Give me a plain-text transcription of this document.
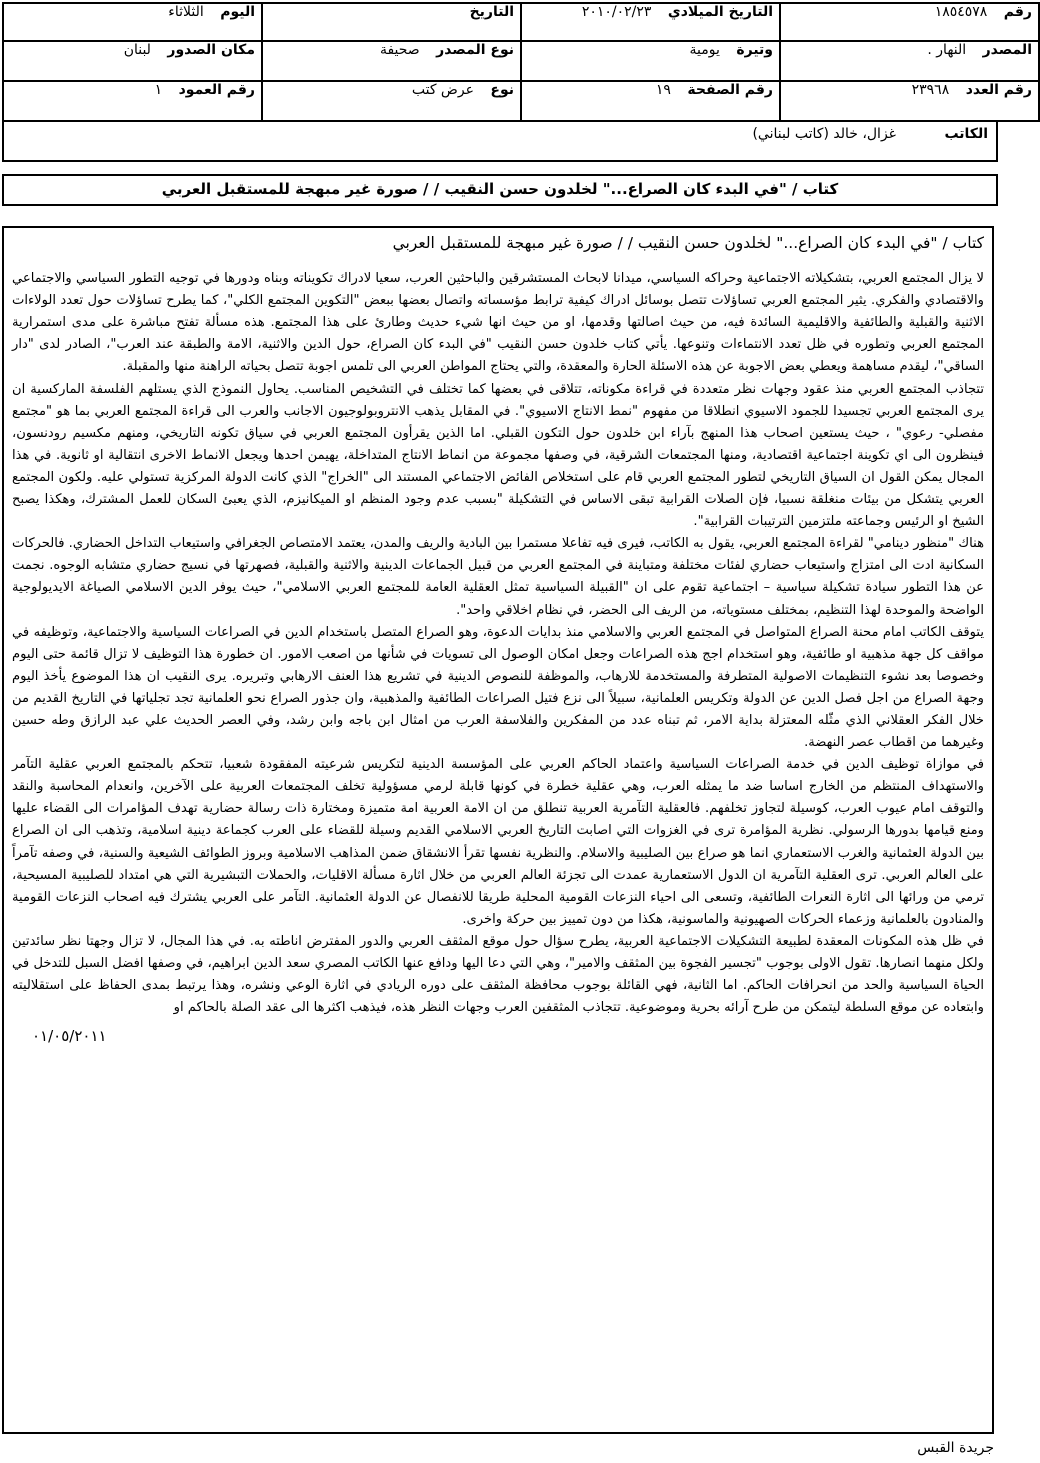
رقم ١٨٥٤٥٧٨	التاريخ الميلادي ٢٠١٠/٠٢/٢٣	التاريخ	اليوم الثلاثاء
المصدر النهار .	وتيرة يومية	نوع المصدر صحيفة	مكان الصدور لبنان
رقم العدد ٢٣٩٦٨	رقم الصفحة ١٩	نوع عرض كتب	رقم العمود ١
الكاتب
غزال، خالد (كاتب لبناني)
كتاب / "في البدء كان الصراع..." لخلدون حسن النقيب / / صورة غير مبهجة للمستقبل العربي

كتاب / "في البدء كان الصراع..." لخلدون حسن النقيب / / صورة غير مبهجة للمستقبل العربي

لا يزال المجتمع العربي، بتشكيلاته الاجتماعية وحراكه السياسي، ميدانا لابحاث المستشرقين والباحثين العرب، سعيا لادراك تكويناته وبناه ودورها في توجيه التطور السياسي والاجتماعي والاقتصادي والفكري. يثير المجتمع العربي تساؤلات تتصل بوسائل ادراك كيفية ترابط مؤسساته واتصال بعضها ببعض "التكوين المجتمع الكلي"، كما يطرح تساؤلات حول تعدد الولاءات الاثنية والقبلية والطائفية والاقليمية السائدة فيه، من حيث اصالتها وقدمها، او من حيث انها شيء حديث وطارئ على هذا المجتمع. هذه مسألة تفتح مباشرة على مدى استمرارية المجتمع العربي وتطوره في ظل تعدد الانتماءات وتنوعها. يأتي كتاب خلدون حسن النقيب "في البدء كان الصراع، حول الدين والاثنية، الامة والطبقة عند العرب"، الصادر لدى "دار الساقي"، ليقدم مساهمة ويعطي بعض الاجوبة عن هذه الاسئلة الحارة والمعقدة، والتي يحتاج المواطن العربي الى تلمس اجوبة تتصل بحياته الراهنة منها والمقبلة.

تتجاذب المجتمع العربي منذ عقود وجهات نظر متعددة في قراءة مكوناته، تتلاقى في بعضها كما تختلف في التشخيص المناسب. يحاول النموذج الذي يستلهم الفلسفة الماركسية ان يرى المجتمع العربي تجسيدا للجمود الاسيوي انطلاقا من مفهوم "نمط الانتاج الاسيوي". في المقابل يذهب الانتروبولوجيون الاجانب والعرب الى قراءة المجتمع العربي بما هو "مجتمع مفصلي- رعوي" ، حيث يستعين اصحاب هذا المنهج بآراء ابن خلدون حول التكون القبلي. اما الذين يقرأون المجتمع العربي في سياق تكونه التاريخي، ومنهم مكسيم رودنسون، فينظرون الى اي تكوينة اجتماعية اقتصادية، ومنها المجتمعات الشرقية، في وصفها مجموعة من انماط الانتاج المتداخلة، يهيمن احدها ويجعل الانماط الاخرى انتقالية او ثانوية. في هذا المجال يمكن القول ان السياق التاريخي لتطور المجتمع العربي قام على استخلاص الفائض الاجتماعي المستند الى "الخراج" الذي كانت الدولة المركزية تستولي عليه. ولكون المجتمع العربي يتشكل من بيئات منغلقة نسبيا، فإن الصلات القرابية تبقى الاساس في التشكيلة "بسبب عدم وجود المنظم او الميكانيزم، الذي يعبئ السكان للعمل المشترك، وهكذا يصبح الشيخ او الرئيس وجماعته ملتزمين الترتيبات القرابية".

هناك "منظور دينامي" لقراءة المجتمع العربي، يقول به الكاتب، فيرى فيه تفاعلا مستمرا بين البادية والريف والمدن، يعتمد الامتصاص الجغرافي واستيعاب التداخل الحضاري. فالحركات السكانية ادت الى امتزاج واستيعاب حضاري لفئات مختلفة ومتباينة في المجتمع العربي من قبيل الجماعات الدينية والاثنية والقبلية، فصهرتها في نسيج حضاري متشابه الوجوه. نجمت عن هذا التطور سيادة تشكيلة سياسية – اجتماعية تقوم على ان "القبيلة السياسية تمثل العقلية العامة للمجتمع العربي الاسلامي"، حيث يوفر الدين الاسلامي الصياغة الايديولوجية الواضحة والموحدة لهذا التنظيم، بمختلف مستوياته، من الريف الى الحضر، في نظام اخلاقي واحد".

يتوقف الكاتب امام محنة الصراع المتواصل في المجتمع العربي والاسلامي منذ بدايات الدعوة، وهو الصراع المتصل باستخدام الدين في الصراعات السياسية والاجتماعية، وتوظيفه في مواقف كل جهة مذهبية او طائفية، وهو استخدام اجج هذه الصراعات وجعل امكان الوصول الى تسويات في شأنها من اصعب الامور. ان خطورة هذا التوظيف لا تزال قائمة حتى اليوم وخصوصا بعد نشوء التنظيمات الاصولية المتطرفة والمستخدمة للارهاب، والموظفة للنصوص الدينية في تشريع هذا العنف الارهابي وتبريره. يرى النقيب ان هذا الموضوع يأخذ اليوم وجهة الصراع من اجل فصل الدين عن الدولة وتكريس العلمانية، سبيلاً الى نزع فتيل الصراعات الطائفية والمذهبية، وان جذور الصراع نحو العلمانية تجد تجلياتها في التاريخ القديم من خلال الفكر العقلاني الذي مثّله المعتزلة بداية الامر، ثم تبناه عدد من المفكرين والفلاسفة العرب من امثال ابن باجه وابن رشد، وفي العصر الحديث علي عبد الرازق وطه حسين وغيرهما من اقطاب عصر النهضة.

في موازاة توظيف الدين في خدمة الصراعات السياسية واعتماد الحاكم العربي على المؤسسة الدينية لتكريس شرعيته المفقودة شعبيا، تتحكم بالمجتمع العربي عقلية التآمر والاستهداف المنتظم من الخارج اساسا ضد ما يمثله العرب، وهي عقلية خطرة في كونها قابلة لرمي مسؤولية تخلف المجتمعات العربية على الآخرين، وانعدام المحاسبة والنقد والتوقف امام عيوب العرب، كوسيلة لتجاوز تخلفهم. فالعقلية التآمرية العربية تنطلق من ان الامة العربية امة متميزة ومختارة ذات رسالة حضارية تهدف المؤامرات الى القضاء عليها ومنع قيامها بدورها الرسولي. نظرية المؤامرة ترى في الغزوات التي اصابت التاريخ العربي الاسلامي القديم وسيلة للقضاء على العرب كجماعة دينية اسلامية، وتذهب الى ان الصراع بين الدولة العثمانية والغرب الاستعماري انما هو صراع بين الصليبية والاسلام. والنظرية نفسها تقرأ الانشقاق ضمن المذاهب الاسلامية وبروز الطوائف الشيعية والسنية، في وصفه تآمراً على العالم العربي. ترى العقلية التآمرية ان الدول الاستعمارية عمدت الى تجزئة العالم العربي من خلال اثارة مسألة الاقليات، والحملات التبشيرية التي هي امتداد للصليبية المسيحية، ترمي من ورائها الى اثارة النعرات الطائفية، وتسعى الى احياء النزعات القومية المحلية طريقا للانفصال عن الدولة العثمانية. التآمر على العربي يشترك فيه اصحاب النزعات القومية والمنادون بالعلمانية وزعماء الحركات الصهيونية والماسونية، هكذا من دون تمييز بين حركة واخرى.

في ظل هذه المكونات المعقدة لطبيعة التشكيلات الاجتماعية العربية، يطرح سؤال حول موقع المثقف العربي والدور المفترض اناطته به. في هذا المجال، لا تزال وجهتا نظر سائدتين ولكل منهما انصارها. تقول الاولى بوجوب "تجسير الفجوة بين المثقف والامير"، وهي التي دعا اليها ودافع عنها الكاتب المصري سعد الدين ابراهيم، في وصفها افضل السبل للتدخل في الحياة السياسية والحد من انحرافات الحاكم. اما الثانية، فهي القائلة بوجوب محافظة المثقف على دوره الريادي في اثارة الوعي ونشره، وهذا يرتبط بمدى الحفاظ على استقلاليته وابتعاده عن موقع السلطة ليتمكن من طرح آرائه بحرية وموضوعية. تتجاذب المثقفين العرب وجهات النظر هذه، فيذهب اكثرها الى عقد الصلة بالحاكم او

٠١/٠٥/٢٠١١

جريدة القبس
